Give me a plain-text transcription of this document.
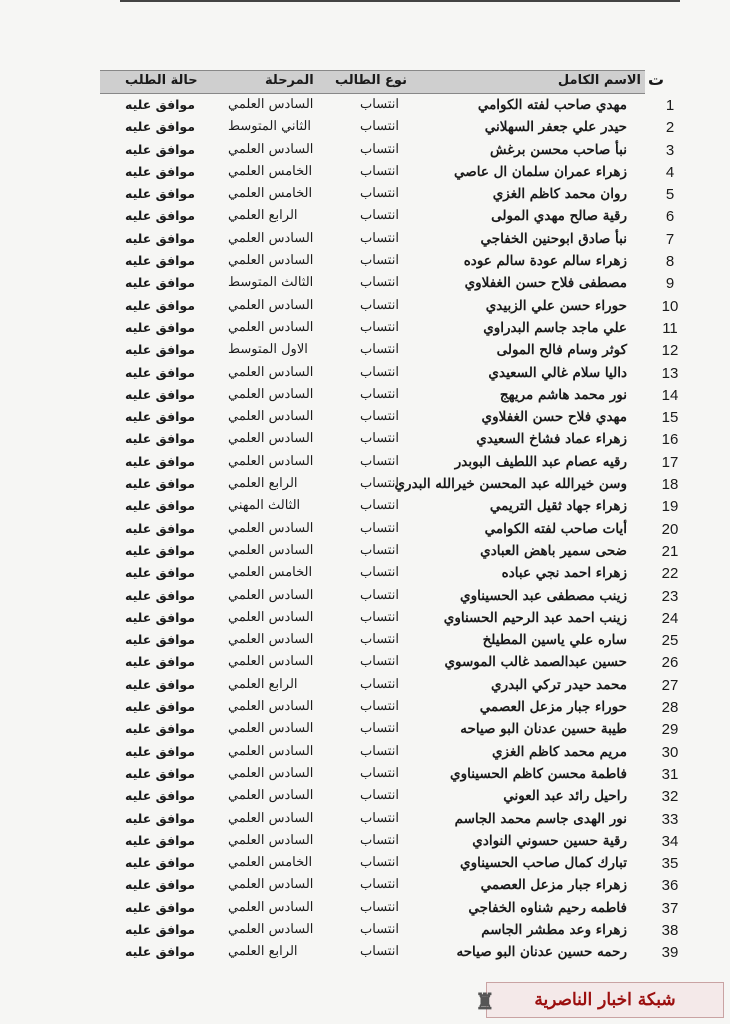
ت
الاسم الكامل
نوع الطالب
المرحلة
حالة الطلب
1
مهدي صاحب لفته الكوامي
انتساب
السادس العلمي
موافق عليه
2
حيدر علي جعفر السهلاني
انتساب
الثاني المتوسط
موافق عليه
3
نبأ صاحب محسن برغش
انتساب
السادس العلمي
موافق عليه
4
زهراء عمران سلمان ال عاصي
انتساب
الخامس العلمي
موافق عليه
5
روان محمد كاظم الغزي
انتساب
الخامس العلمي
موافق عليه
6
رقية صالح مهدي المولى
انتساب
الرابع العلمي
موافق عليه
7
نبأ صادق ابوحنين الخفاجي
انتساب
السادس العلمي
موافق عليه
8
زهراء سالم عودة سالم عوده
انتساب
السادس العلمي
موافق عليه
9
مصطفى فلاح حسن الغفلاوي
انتساب
الثالث المتوسط
موافق عليه
10
حوراء حسن علي الزبيدي
انتساب
السادس العلمي
موافق عليه
11
علي ماجد جاسم البدراوي
انتساب
السادس العلمي
موافق عليه
12
كوثر وسام فالح المولى
انتساب
الاول المتوسط
موافق عليه
13
داليا سلام غالي السعيدي
انتساب
السادس العلمي
موافق عليه
14
نور محمد هاشم مريهج
انتساب
السادس العلمي
موافق عليه
15
مهدي فلاح حسن الغفلاوي
انتساب
السادس العلمي
موافق عليه
16
زهراء عماد فشاخ السعيدي
انتساب
السادس العلمي
موافق عليه
17
رقيه عصام عبد اللطيف البوبدر
انتساب
السادس العلمي
موافق عليه
18
وسن خيرالله عبد المحسن خيرالله البدري
انتساب
الرابع العلمي
موافق عليه
19
زهراء جهاد ثقيل التريمي
انتساب
الثالث المهني
موافق عليه
20
أيات صاحب لفته الكوامي
انتساب
السادس العلمي
موافق عليه
21
ضحى سمير باهض العبادي
انتساب
السادس العلمي
موافق عليه
22
زهراء احمد نجي عباده
انتساب
الخامس العلمي
موافق عليه
23
زينب مصطفى عبد الحسيناوي
انتساب
السادس العلمي
موافق عليه
24
زينب احمد عبد الرحيم الحسناوي
انتساب
السادس العلمي
موافق عليه
25
ساره علي ياسين المطيلخ
انتساب
السادس العلمي
موافق عليه
26
حسين عبدالصمد غالب الموسوي
انتساب
السادس العلمي
موافق عليه
27
محمد حيدر تركي البدري
انتساب
الرابع العلمي
موافق عليه
28
حوراء جبار مزعل العصمي
انتساب
السادس العلمي
موافق عليه
29
طيبة حسين عدنان البو صياحه
انتساب
السادس العلمي
موافق عليه
30
مريم محمد كاظم الغزي
انتساب
السادس العلمي
موافق عليه
31
فاطمة محسن كاظم الحسيناوي
انتساب
السادس العلمي
موافق عليه
32
راحيل رائد عبد العوني
انتساب
السادس العلمي
موافق عليه
33
نور الهدى جاسم محمد الجاسم
انتساب
السادس العلمي
موافق عليه
34
رقية حسين حسوني النوادي
انتساب
السادس العلمي
موافق عليه
35
تبارك كمال صاحب الحسيناوي
انتساب
الخامس العلمي
موافق عليه
36
زهراء جبار مزعل العصمي
انتساب
السادس العلمي
موافق عليه
37
فاطمه رحيم شناوه الخفاجي
انتساب
السادس العلمي
موافق عليه
38
زهراء وعد مطشر الجاسم
انتساب
السادس العلمي
موافق عليه
39
رحمه حسين عدنان البو صياحه
انتساب
الرابع العلمي
موافق عليه
♜ شبكة اخبار الناصرية
